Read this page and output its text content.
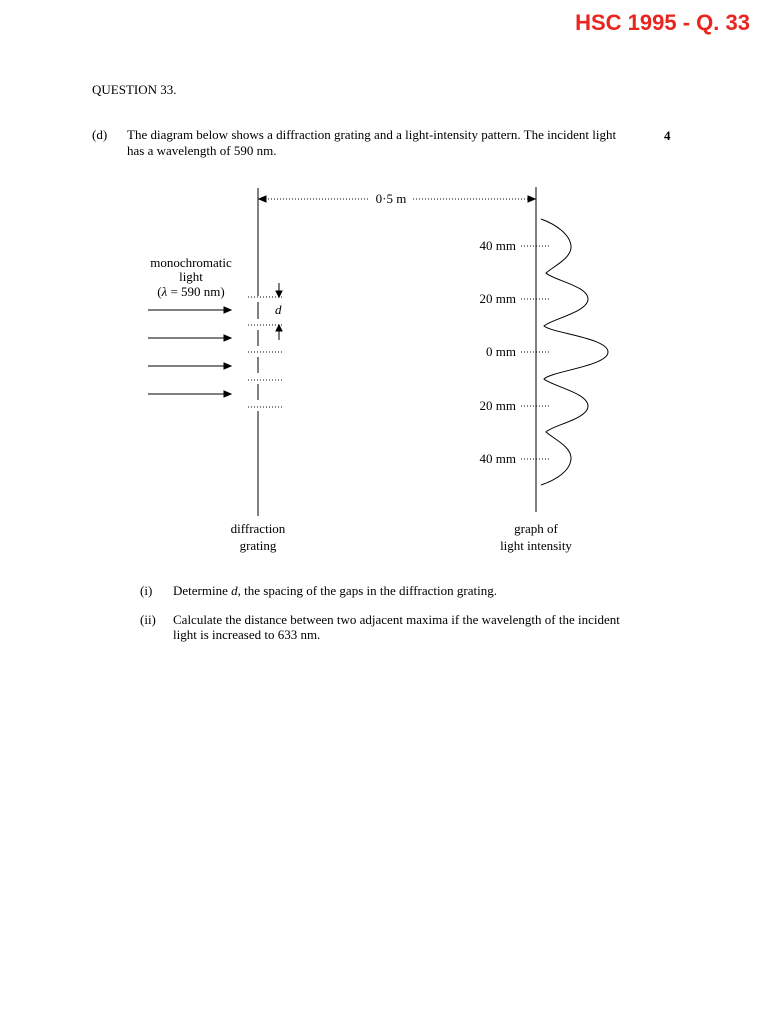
HSC 1995 - Q. 33
QUESTION 33.
(d) The diagram below shows a diffraction grating and a light-intensity pattern. The incident light has a wavelength of 590 nm.
4
d
monochromatic
light
(λ = 590 nm)
0·5 m
40 mm
20 mm
0 mm
20 mm
40 mm
diffraction
grating
graph of
light intensity
(i) Determine d, the spacing of the gaps in the diffraction grating.
(ii) Calculate the distance between two adjacent maxima if the wavelength of the incident light is increased to 633 nm.
